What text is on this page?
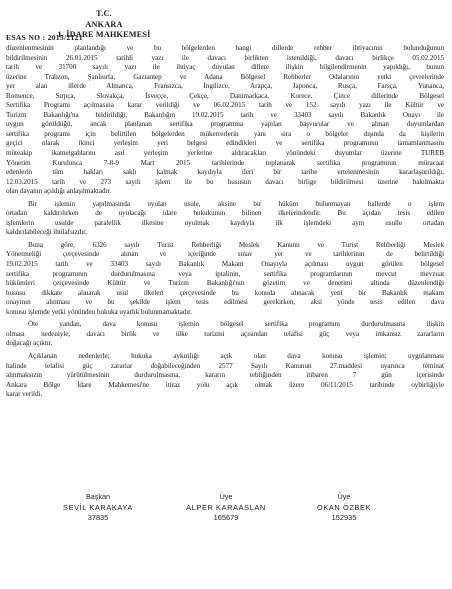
T.C.
ANKARA
1. İDARE MAHKEMESİ
ESAS NO : 2015/2121
düzenlenmesinin planlandığı ve bu bölgelerden hangi dillerde rehber ihtiyacının bulunduğunun
bildirilmesinin 26.01.2015 tarihli yazı ile davacı birlikten istenildiği, davacı birlikçe 05.02.2015
tarih ve 31700 sayılı yazı ile ihtiyaç duyulan dillere ilişkin bilgilendirmenin yapıldığı, bunun
üzerine Trabzon, Şanlıurfa, Gaziantep ve Adana Bölgesel Rehberler Odalarının yetki çevrelerinde
yer alan illerde Almanca, Fransızca, İngilizce, Arapça, Japonca, Rusça, Farsça, Yunanca,
Romence, Sırpça, Slovakça, İsveççe, Çekçe, Danimarkaca, Korece, Çince dillerinde Bölgesel
Sertifika Programı açılmasına karar verildiği ve 06.02.2015 tarih ve 152 sayılı yazı ile Kültür ve
Turizm Bakanlığı'na bildirildiği, Bakanlığın 19.02.2015 tarih ve 33403 sayılı Bakanlık Onayı ile
uygun görüldüğü, ancak planlanan sertifika programına yapılan başvurular ve alınan duyumlardan
sertifika programı için belirtilen bölgelerden mükerrerlerin yanı sıra o bölgeler dışında da kişilerin
geçici olarak ikinci yerleşim yeri belgesi edindikleri ve sertifika programının tamamlanmasını
müteakip ikametgahlarını asıl yerleşim yerlerine aldıracakları yönündeki duyumlar üzerine TUREB
Yönetim Kurulunca 7-8-9 Mart 2015 tarihlerinde toplanarak sertifika programının müracaat
edenlerin tüm hakları saklı kalmak kaydıyla ileri bir tarihe ertelenmesinin kararlaştırıldığı,
12.03.2015 tarih ve 273 sayılı işlem ile bu hususun davacı birlige bildirilmesi üzerine bakılmakta
olan davanın açıldığı anlaşılmaktadır.
Bir işlemin yapılmasında uyulan usule, aksine bir hüküm bulunmayan hallerde o işlem
ortadan kaldırılırken de uyulacağı idare hukukunun bilinen ilkelerindendir. Bu açıdan tesis edilen
işlemlerin usulde paralellik ilkesine uyulmak kaydıyla ilk işlemdeki aynı usulle ortadan
kaldırılabileceği ihtilafsızdır.
Buna göre, 6326 sayılı Turist Rehberliği Meslek Kanunu ve Turist Rehberliği Meslek
Yönetmeliği çerçevesinde alınan ve içeriğinde sınav yer ve tarihlerinin de belirtildiği
19.02.2015 tarih ve 33403 sayılı Bakanlık Makam Onayıyla açılması uygun görülen bölgesel
sertifika programının durdurulmasına veya iptalinin, sertifika programlarının mevcut mevzuat
hükümleri çerçevesinde Kültür ve Turizm Bakanlığı'nın gözetim ve denetimi altında düzenlendiği
hususu dikkate alınarak usul ilkeleri çerçevesinde bu konuda alınacak yeni bir Bakanlık makam
onayının alınması ve bu şekilde işlem tesis edilmesi gerekirken, aksi yönde tesis edilen dava
konusu işlemde yetki yönünden hukuka uyarlık bulunmamaktadır.
Öte yandan, dava konusu işlemin bölgesel sertifika programını durdurulmasına ilişkin
olması nedeniyle, davacı birlik ve ülke turizmi açısından telafisi güç veya imkansız zararların
doğacağı açıktır.
Açıklanan nedenlerle; hukuka aykırılığı açık olan dava konusu işlemin; uygulanması
halinde telafisi güç zararlar doğabileceğinden 2577 Sayılı Kanunun 27.maddesi uyarınca teminat
alınmaksızın yürütülmesinin durdurulmasına, kararın tebliğinden itibaren 7 gün içerisinde
Ankara Bölge İdare Mahkemesi'ne itiraz yolu açık olmak üzere 06/11/2015 tarihinde oybirliğiyle
karar verildi.
Başkan
SEVİL KARAKAYA
37835
Üye
ALPER KARAASLAN
165679
Üye
OKAN ÖZBEK
152935
